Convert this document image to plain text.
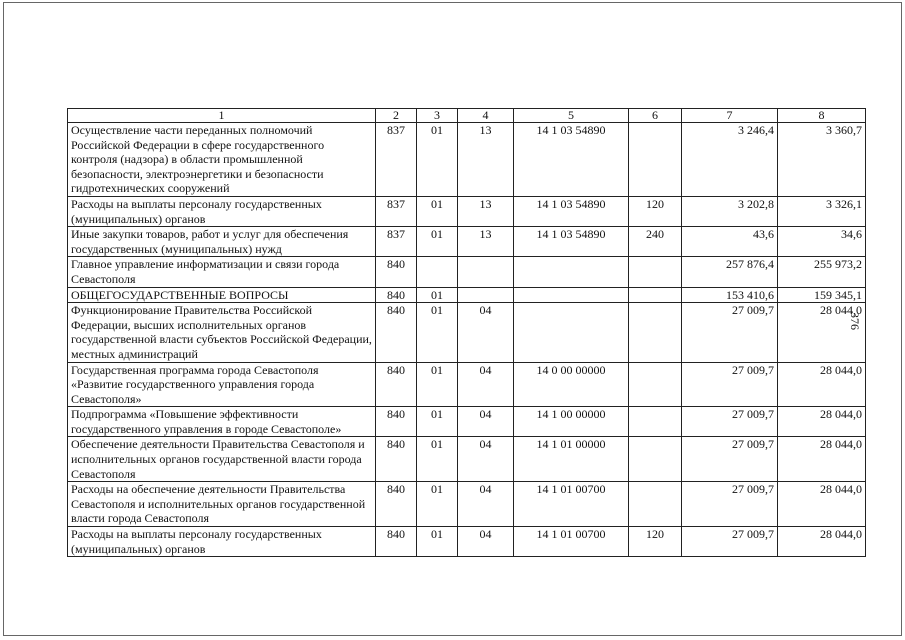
376
1	2	3	4	5	6	7	8
Осуществление части переданных полномочий Российской Федерации в сфере государственного контроля (надзора) в области промышленной безопасности, электроэнергетики и безопасности гидротехнических сооружений	837	01	13	14 1 03 54890		3 246,4	3 360,7
Расходы на выплаты персоналу государственных (муниципальных) органов	837	01	13	14 1 03 54890	120	3 202,8	3 326,1
Иные закупки товаров, работ и услуг для обеспечения государственных (муниципальных) нужд	837	01	13	14 1 03 54890	240	43,6	34,6
Главное управление информатизации и связи города Севастополя	840					257 876,4	255 973,2
ОБЩЕГОСУДАРСТВЕННЫЕ ВОПРОСЫ	840	01				153 410,6	159 345,1
Функционирование Правительства Российской Федерации, высших исполнительных органов государственной власти субъектов Российской Федерации, местных администраций	840	01	04			27 009,7	28 044,0
Государственная программа города Севастополя «Развитие государственного управления города Севастополя»	840	01	04	14 0 00 00000		27 009,7	28 044,0
Подпрограмма «Повышение эффективности государственного управления в городе Севастополе»	840	01	04	14 1 00 00000		27 009,7	28 044,0
Обеспечение деятельности Правительства Севастополя и исполнительных органов государственной власти города Севастополя	840	01	04	14 1 01 00000		27 009,7	28 044,0
Расходы на обеспечение деятельности Правительства Севастополя и исполнительных органов государственной власти города Севастополя	840	01	04	14 1 01 00700		27 009,7	28 044,0
Расходы на выплаты персоналу государственных (муниципальных) органов	840	01	04	14 1 01 00700	120	27 009,7	28 044,0
